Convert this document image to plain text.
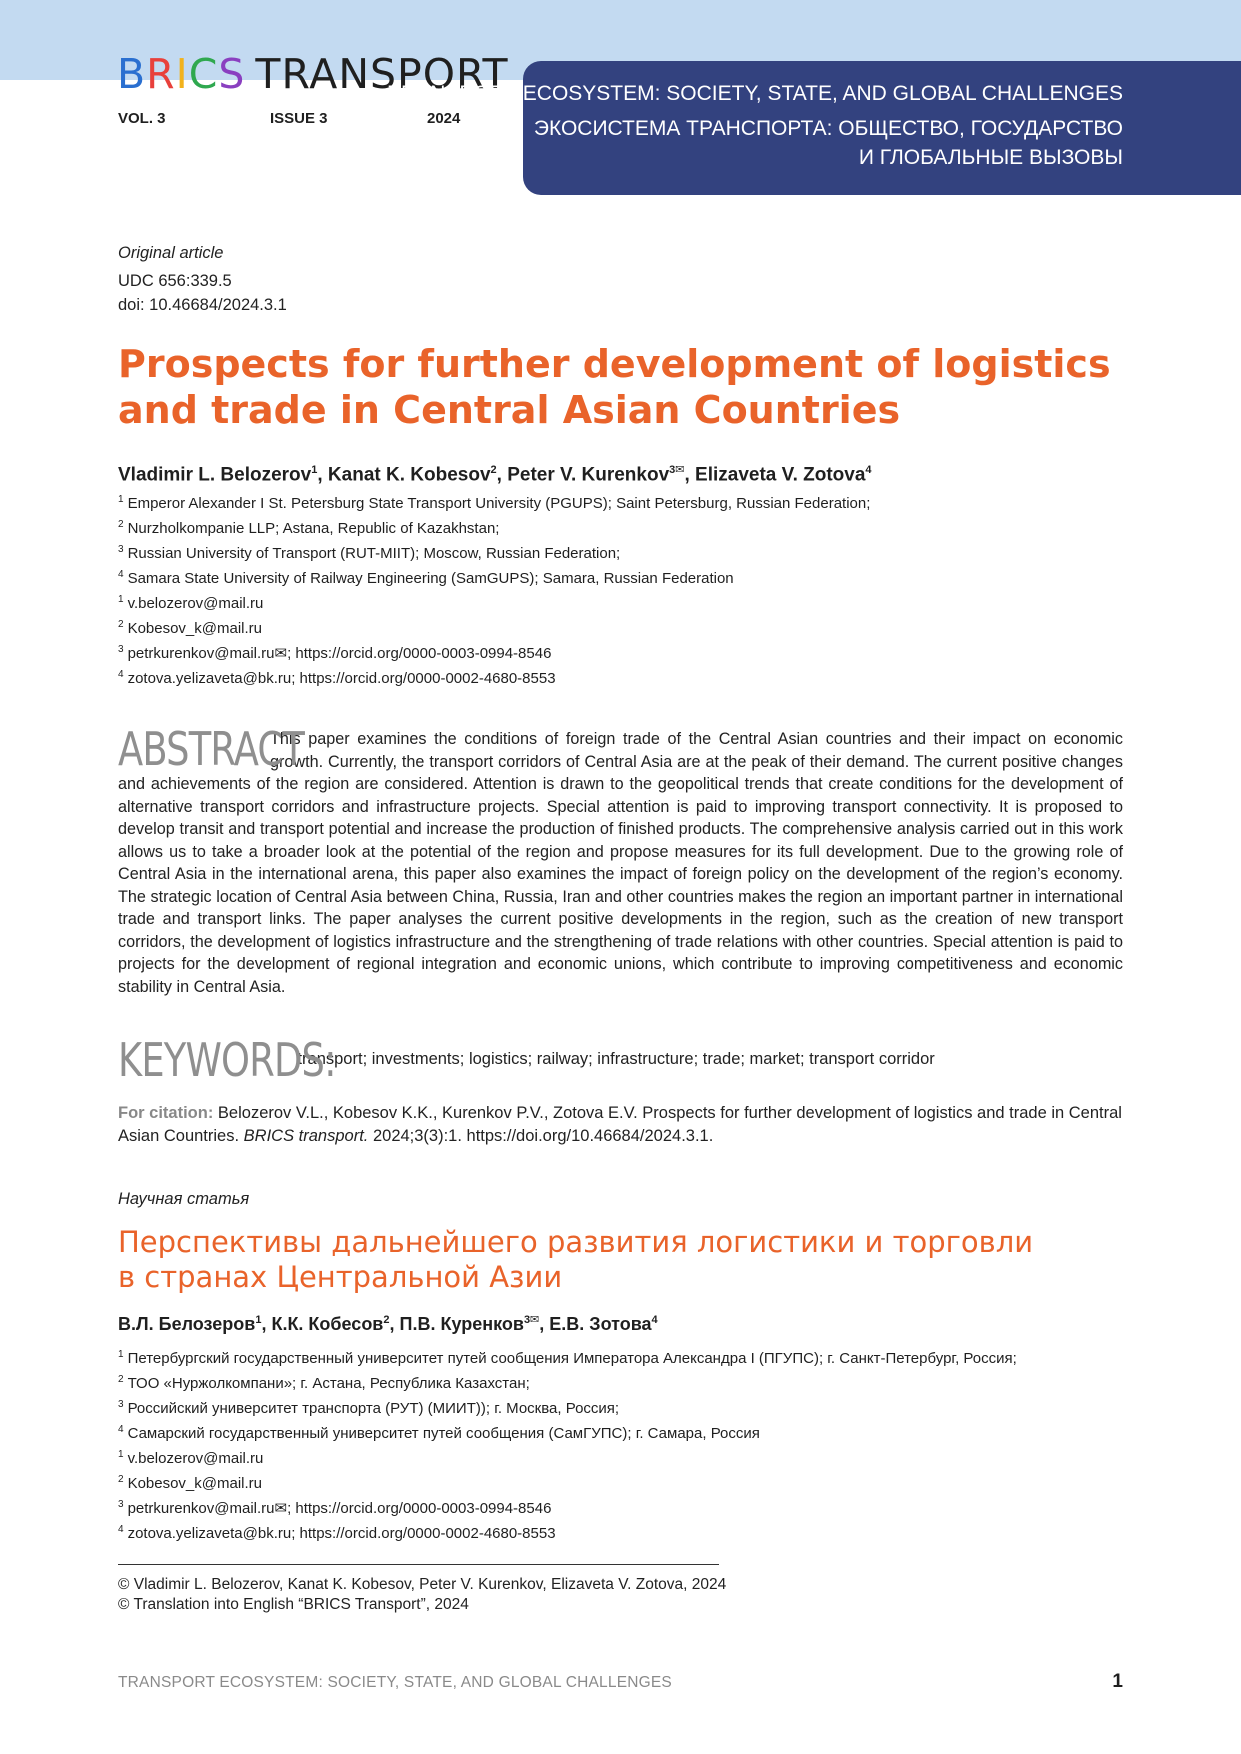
BRICS TRANSPORT
VOL. 3	ISSUE 3	2024
TRANSPORT ECOSYSTEM: SOCIETY, STATE, AND GLOBAL CHALLENGES
ЭКОСИСТЕМА ТРАНСПОРТА: ОБЩЕСТВО, ГОСУДАРСТВО
И ГЛОБАЛЬНЫЕ ВЫЗОВЫ
Original article
UDC 656:339.5
doi: 10.46684/2024.3.1
Prospects for further development of logistics
and trade in Central Asian Countries
Vladimir L. Belozerov$^1$, Kanat K. Kobesov$^2$, Peter V. Kurenkov$^{3✉}$, Elizaveta V. Zotova$^4$
$^1$ Emperor Alexander I St. Petersburg State Transport University (PGUPS); Saint Petersburg, Russian Federation;
$^2$ Nurzholkompanie LLP; Astana, Republic of Kazakhstan;
$^3$ Russian University of Transport (RUT-MIIT); Moscow, Russian Federation;
$^4$ Samara State University of Railway Engineering (SamGUPS); Samara, Russian Federation
$^1$ v.belozerov@mail.ru
$^2$ Kobesov_k@mail.ru
$^3$ petrkurenkov@mail.ru✉; https://orcid.org/0000-0003-0994-8546
$^4$ zotova.yelizaveta@bk.ru; https://orcid.org/0000-0002-4680-8553
ABSTRACT
This paper examines the conditions of foreign trade of the Central Asian countries and their impact on economic growth. Currently, the transport corridors of Central Asia are at the peak of their demand. The current positive changes and achievements of the region are considered. Attention is drawn to the geopolitical trends that create conditions for the development of alternative transport corridors and infrastructure projects. Special attention is paid to improving transport connectivity. It is proposed to develop transit and transport potential and increase the production of finished products. The comprehensive analysis carried out in this work allows us to take a broader look at the potential of the region and propose measures for its full development. Due to the growing role of Central Asia in the international arena, this paper also examines the impact of foreign policy on the development of the region’s economy. The strategic location of Central Asia between China, Russia, Iran and other countries makes the region an important partner in international trade and transport links. The paper analyses the current positive developments in the region, such as the creation of new transport corridors, the development of logistics infrastructure and the strengthening of trade relations with other countries. Special attention is paid to projects for the development of regional integration and economic unions, which contribute to improving competitiveness and economic stability in Central Asia.
KEYWORDS: transport; investments; logistics; railway; infrastructure; trade; market; transport corridor
For citation: Belozerov V.L., Kobesov K.K., Kurenkov P.V., Zotova E.V. Prospects for further development of logistics and trade in Central Asian Countries. BRICS transport. 2024;3(3):1. https://doi.org/10.46684/2024.3.1.
Научная статья
Перспективы дальнейшего развития логистики и торговли
в странах Центральной Азии
В.Л. Белозеров$^1$, К.К. Кобесов$^2$, П.В. Куренков$^{3✉}$, Е.В. Зотова$^4$
$^1$ Петербургский государственный университет путей сообщения Императора Александра I (ПГУПС); г. Санкт-Петербург, Россия;
$^2$ ТОО «Нуржолкомпани»; г. Астана, Республика Казахстан;
$^3$ Российский университет транспорта (РУТ) (МИИТ)); г. Москва, Россия;
$^4$ Самарский государственный университет путей сообщения (СамГУПС); г. Самара, Россия
$^1$ v.belozerov@mail.ru
$^2$ Kobesov_k@mail.ru
$^3$ petrkurenkov@mail.ru✉; https://orcid.org/0000-0003-0994-8546
$^4$ zotova.yelizaveta@bk.ru; https://orcid.org/0000-0002-4680-8553
© Vladimir L. Belozerov, Kanat K. Kobesov, Peter V. Kurenkov, Elizaveta V. Zotova, 2024
© Translation into English “BRICS Transport”, 2024
TRANSPORT ECOSYSTEM: SOCIETY, STATE, AND GLOBAL CHALLENGES	1
